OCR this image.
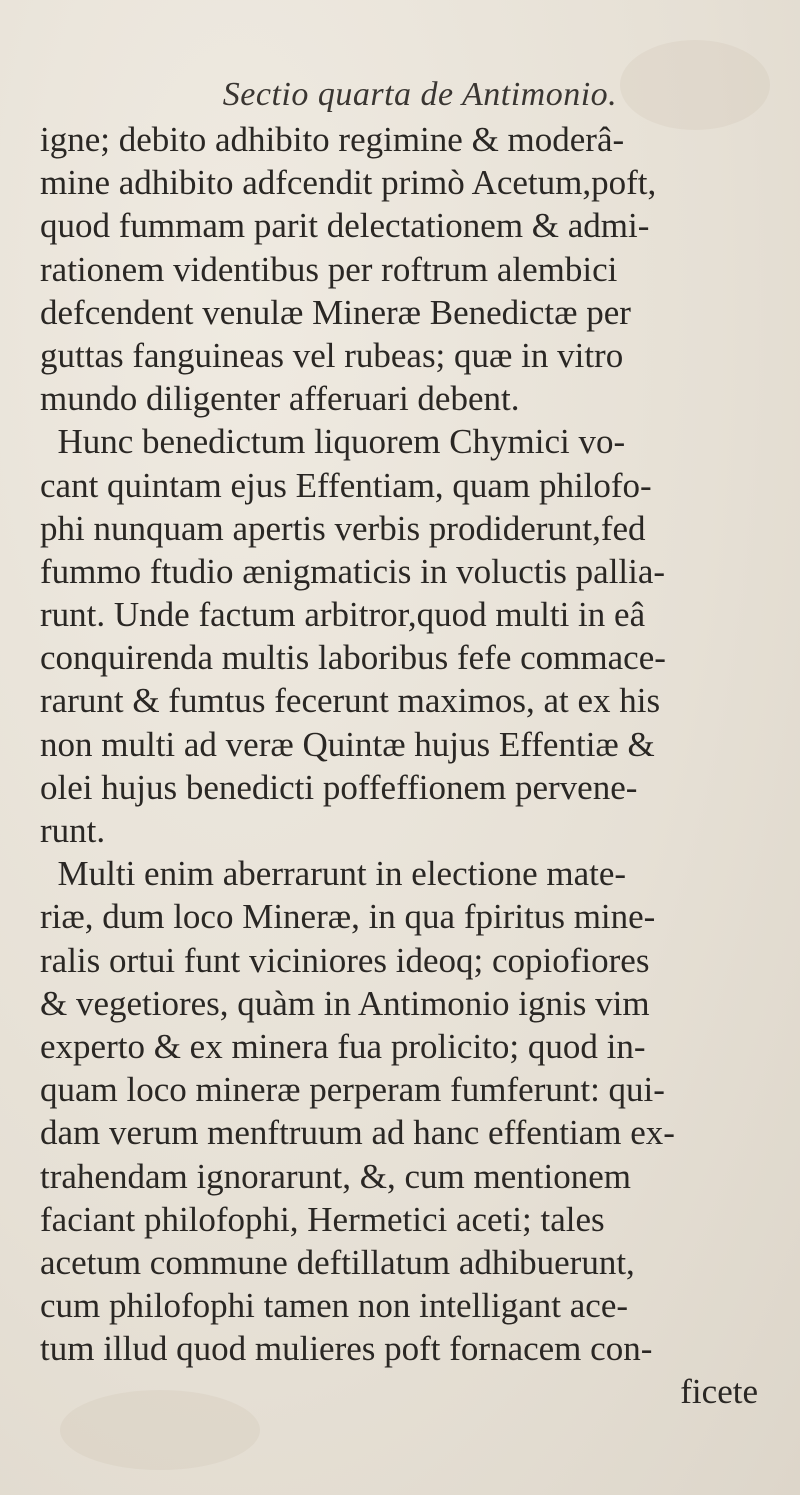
Sectio quarta de Antimonio.
igne; debito adhibito regimine & moderâ-
mine adhibito adfcendit primò Acetum,poft,
quod fummam parit delectationem & admi-
rationem videntibus per roftrum alembici
defcendent venulæ Mineræ Benedictæ per
guttas fanguineas vel rubeas; quæ in vitro
mundo diligenter afferuari debent.
Hunc benedictum liquorem Chymici vo-
cant quintam ejus Effentiam, quam philofo-
phi nunquam apertis verbis prodiderunt,fed
fummo ftudio ænigmaticis in voluctis pallia-
runt. Unde factum arbitror,quod multi in eâ
conquirenda multis laboribus fefe commace-
rarunt & fumtus fecerunt maximos, at ex his
non multi ad veræ Quintæ hujus Effentiæ &
olei hujus benedicti poffeffionem pervene-
runt.
Multi enim aberrarunt in electione mate-
riæ, dum loco Mineræ, in qua fpiritus mine-
ralis ortui funt viciniores ideoq; copiofiores
& vegetiores, quàm in Antimonio ignis vim
experto & ex minera fua prolicito; quod in-
quam loco mineræ perperam fumferunt: qui-
dam verum menftruum ad hanc effentiam ex-
trahendam ignorarunt, &, cum mentionem
faciant philofophi, Hermetici aceti; tales
acetum commune deftillatum adhibuerunt,
cum philofophi tamen non intelligant ace-
tum illud quod mulieres poft fornacem con-
ficete
